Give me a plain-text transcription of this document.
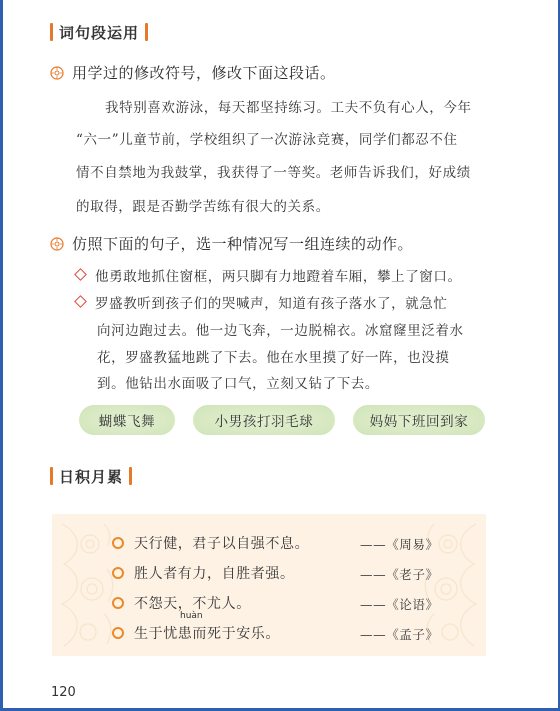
词句段运用
用学过的修改符号，修改下面这段话。
我特别喜欢游泳，每天都坚持练习。工夫不负有心人，今年
“六一”儿童节前，学校组织了一次游泳竞赛，同学们都忍不住
情不自禁地为我鼓掌，我获得了一等奖。老师告诉我们，好成绩
的取得，跟是否勤学苦练有很大的关系。
仿照下面的句子，选一种情况写一组连续的动作。
他勇敢地抓住窗框，两只脚有力地蹬着车厢，攀上了窗口。
罗盛教听到孩子们的哭喊声，知道有孩子落水了，就急忙
向河边跑过去。他一边飞奔，一边脱棉衣。冰窟窿里泛着水
花，罗盛教猛地跳了下去。他在水里摸了好一阵，也没摸
到。他钻出水面吸了口气，立刻又钻了下去。
蝴蝶飞舞	小男孩打羽毛球	妈妈下班回到家
日积月累
天行健，君子以自强不息。	——《周易》
胜人者有力，自胜者强。	——《老子》
不怨天，不尤人。	——《论语》
huàn
生于忧患而死于安乐。	——《孟子》
120
